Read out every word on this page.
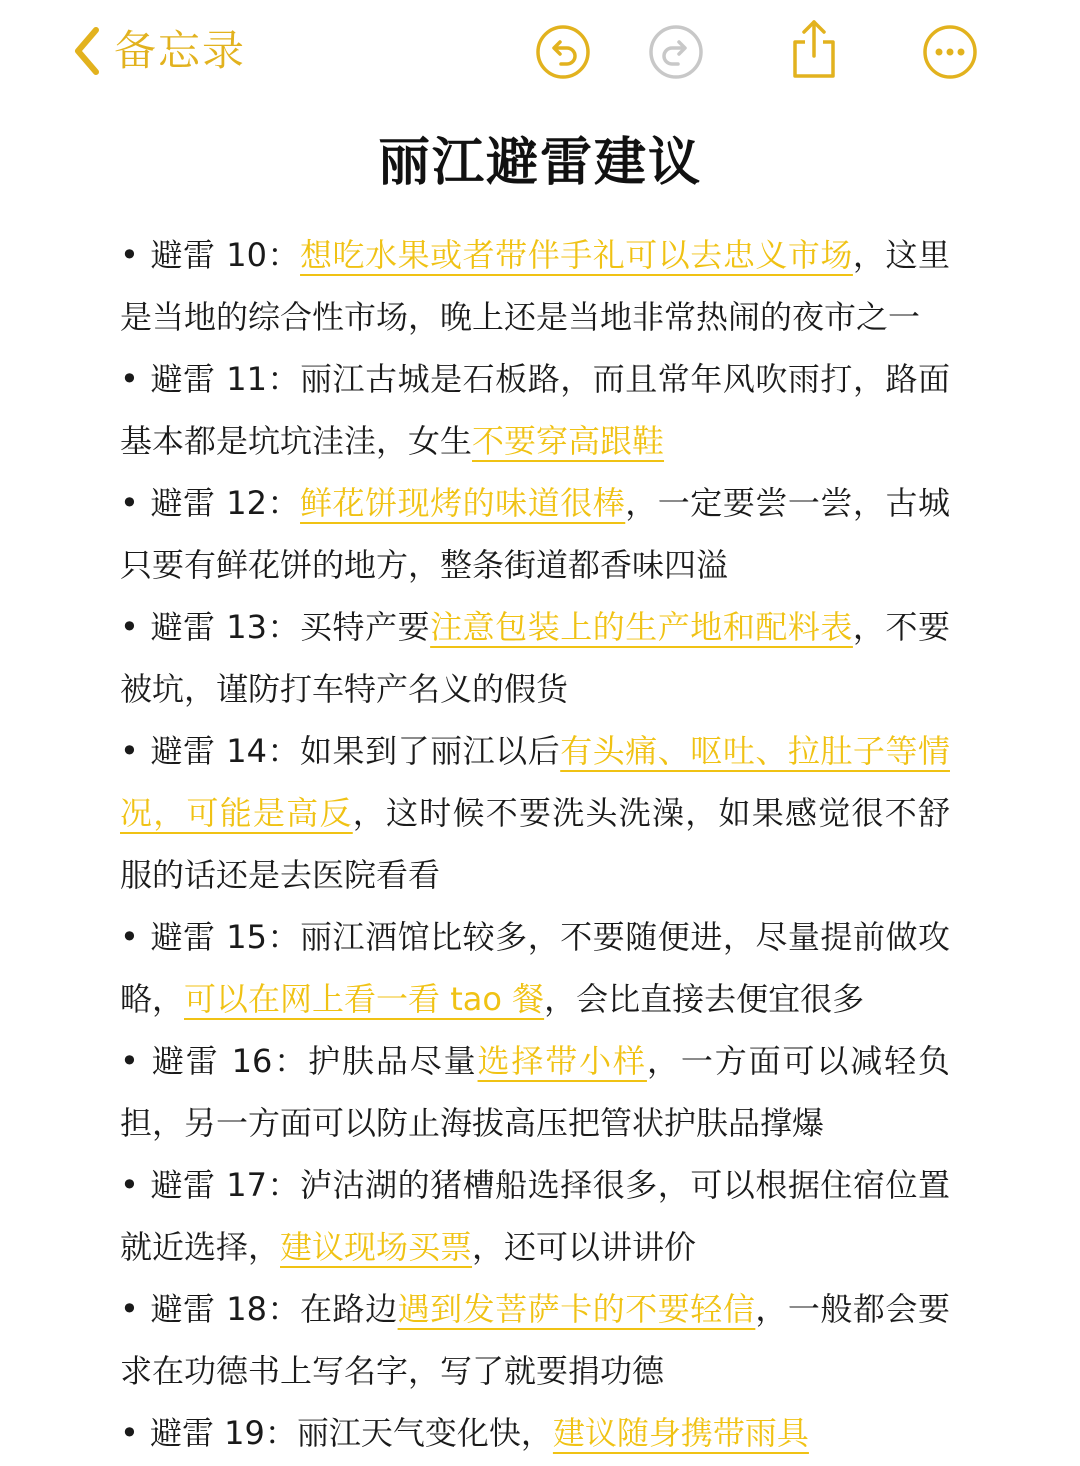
备忘录
丽江避雷建议

• 避雷 10：想吃水果或者带伴手礼可以去忠义市场，这里是当地的综合性市场，晚上还是当地非常热闹的夜市之一

• 避雷 11：丽江古城是石板路，而且常年风吹雨打，路面基本都是坑坑洼洼，女生不要穿高跟鞋

• 避雷 12：鲜花饼现烤的味道很棒，一定要尝一尝，古城只要有鲜花饼的地方，整条街道都香味四溢

• 避雷 13：买特产要注意包装上的生产地和配料表，不要被坑，谨防打车特产名义的假货

• 避雷 14：如果到了丽江以后有头痛、呕吐、拉肚子等情况，可能是高反，这时候不要洗头洗澡，如果感觉很不舒服的话还是去医院看看

• 避雷 15：丽江酒馆比较多，不要随便进，尽量提前做攻略，可以在网上看一看 tao 餐，会比直接去便宜很多

• 避雷 16：护肤品尽量选择带小样，一方面可以减轻负担，另一方面可以防止海拔高压把管状护肤品撑爆

• 避雷 17：泸沽湖的猪槽船选择很多，可以根据住宿位置就近选择，建议现场买票，还可以讲讲价

• 避雷 18：在路边遇到发菩萨卡的不要轻信，一般都会要求在功德书上写名字，写了就要捐功德

• 避雷 19：丽江天气变化快，建议随身携带雨具
